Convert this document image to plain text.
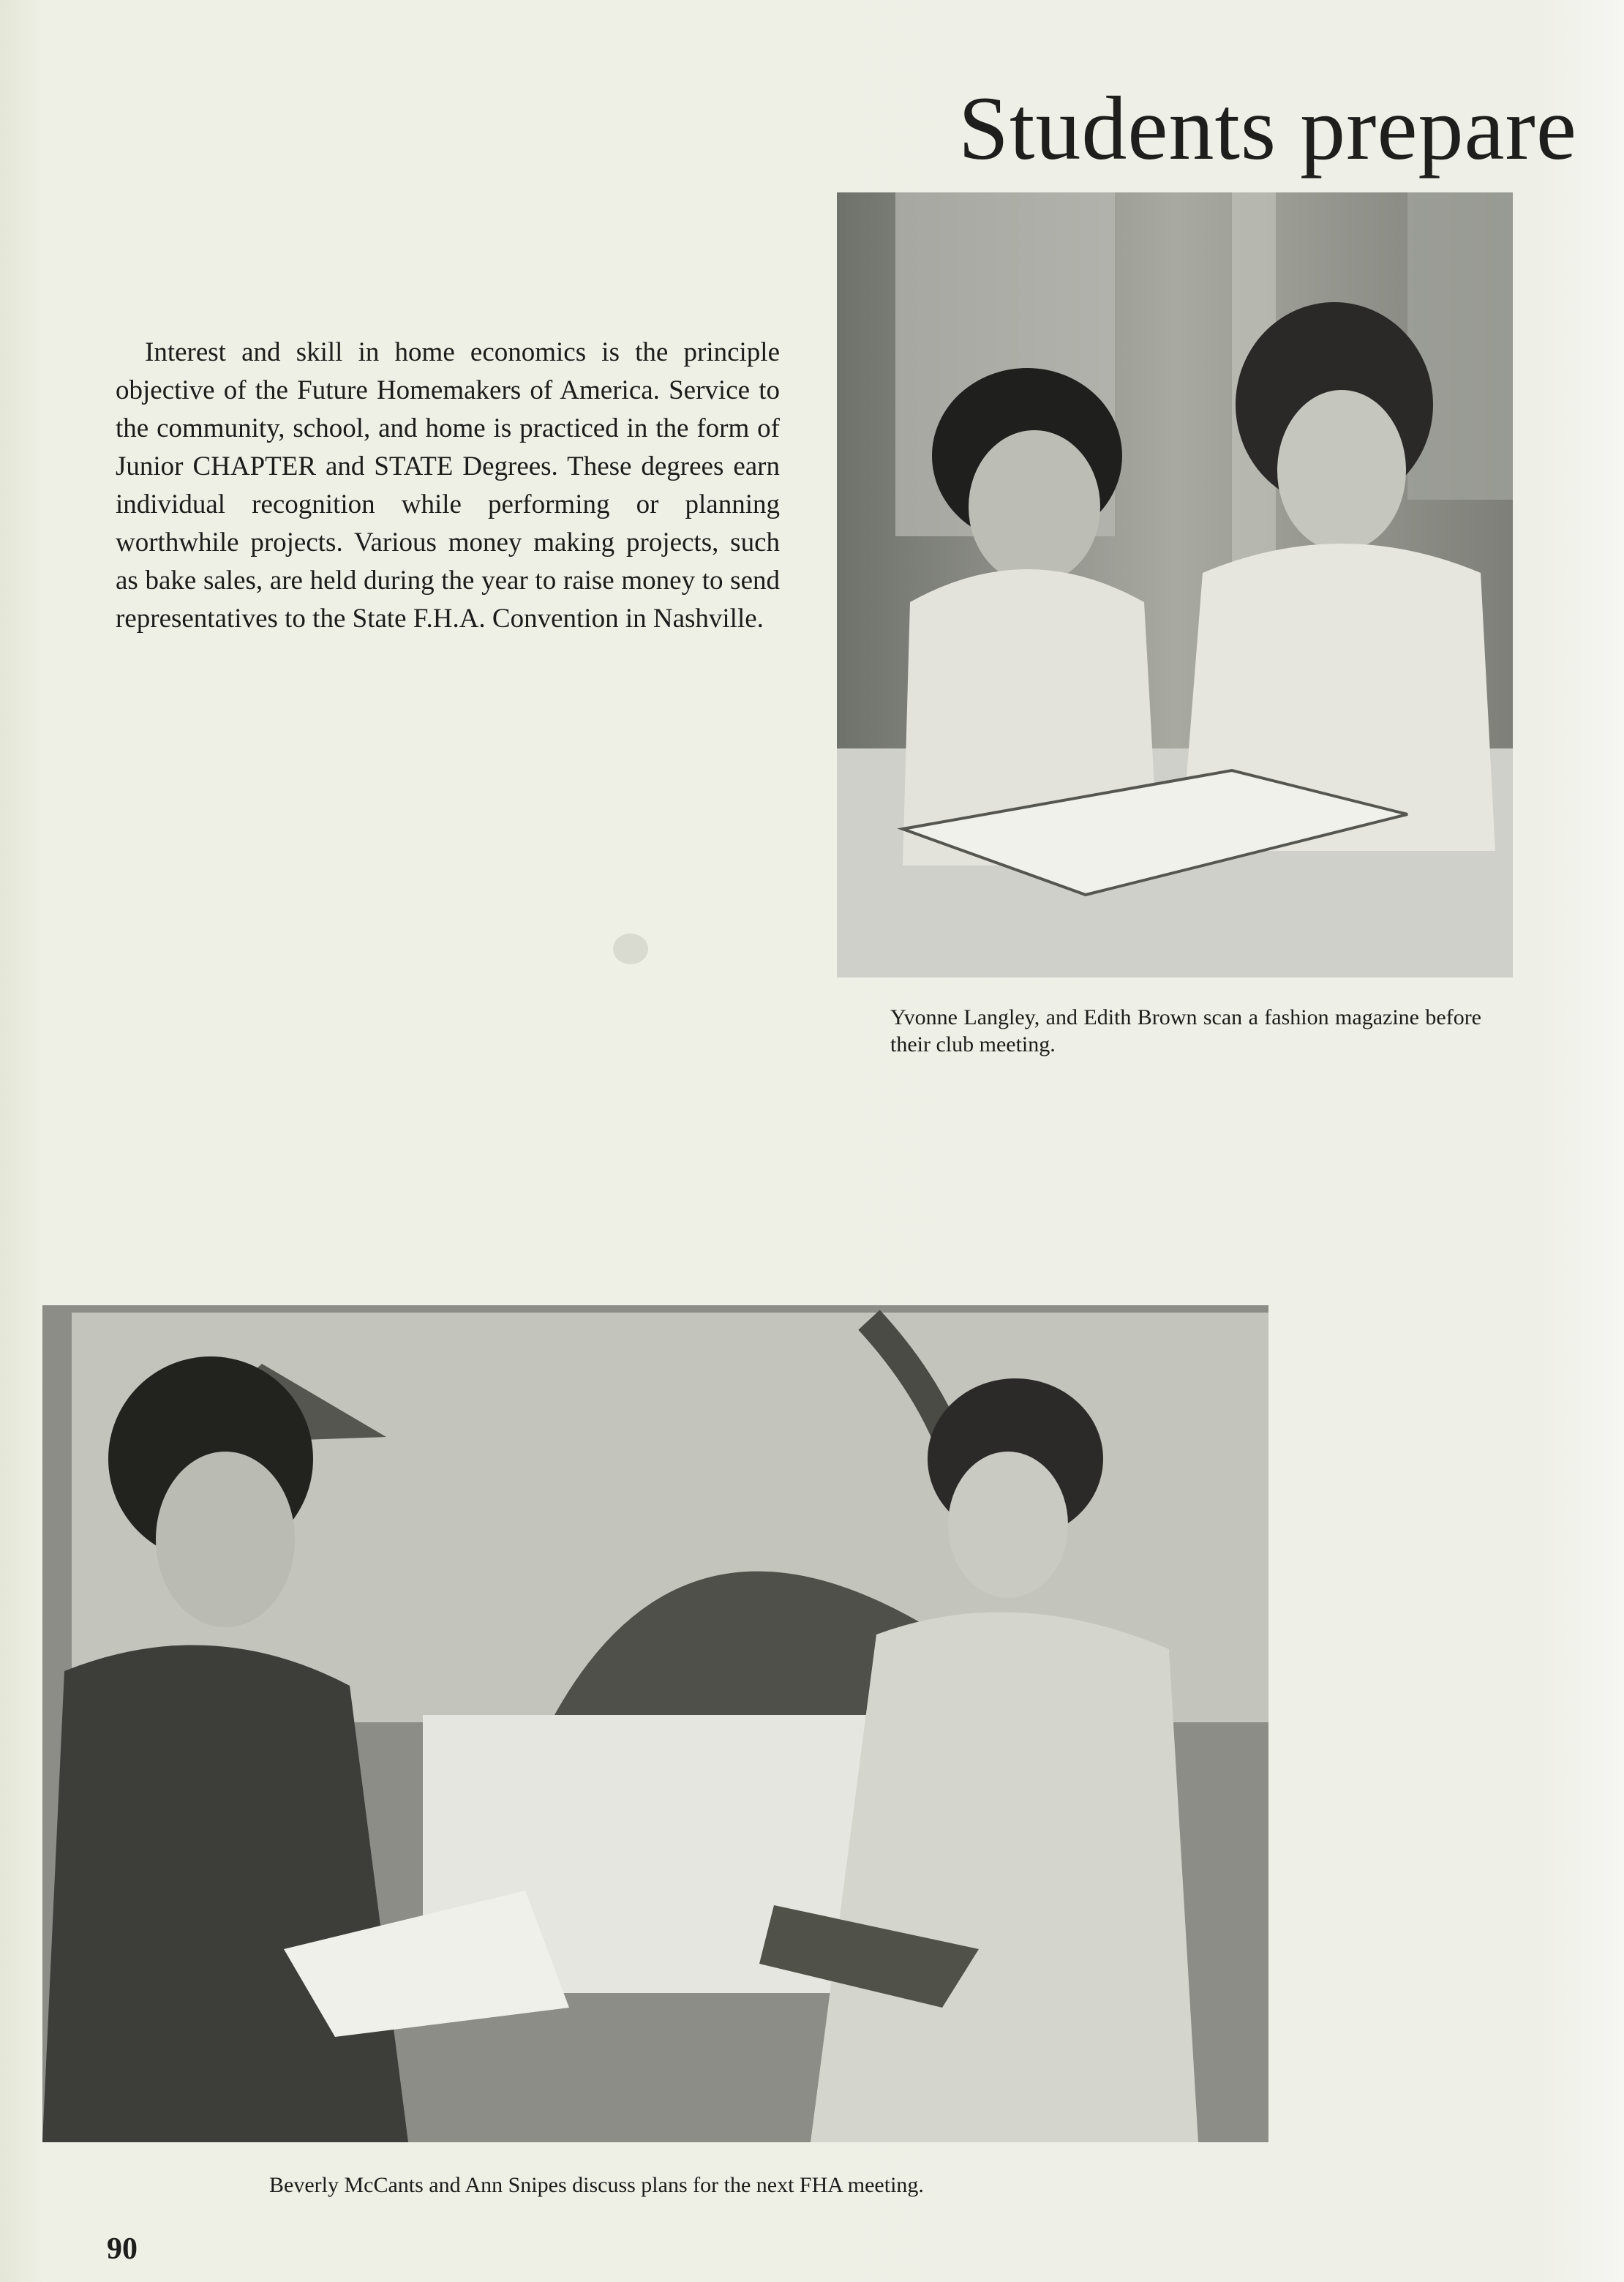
Students prepare

Interest and skill in home economics is the principle objective of the Future Homemakers of America. Service to the community, school, and home is practiced in the form of Junior CHAPTER and STATE Degrees. These degrees earn individual recognition while performing or planning worthwhile projects. Various money making projects, such as bake sales, are held during the year to raise money to send representatives to the State F.H.A. Convention in Nashville.

Yvonne Langley, and Edith Brown scan a fashion magazine before their club meeting.

Beverly McCants and Ann Snipes discuss plans for the next FHA meeting.

90
